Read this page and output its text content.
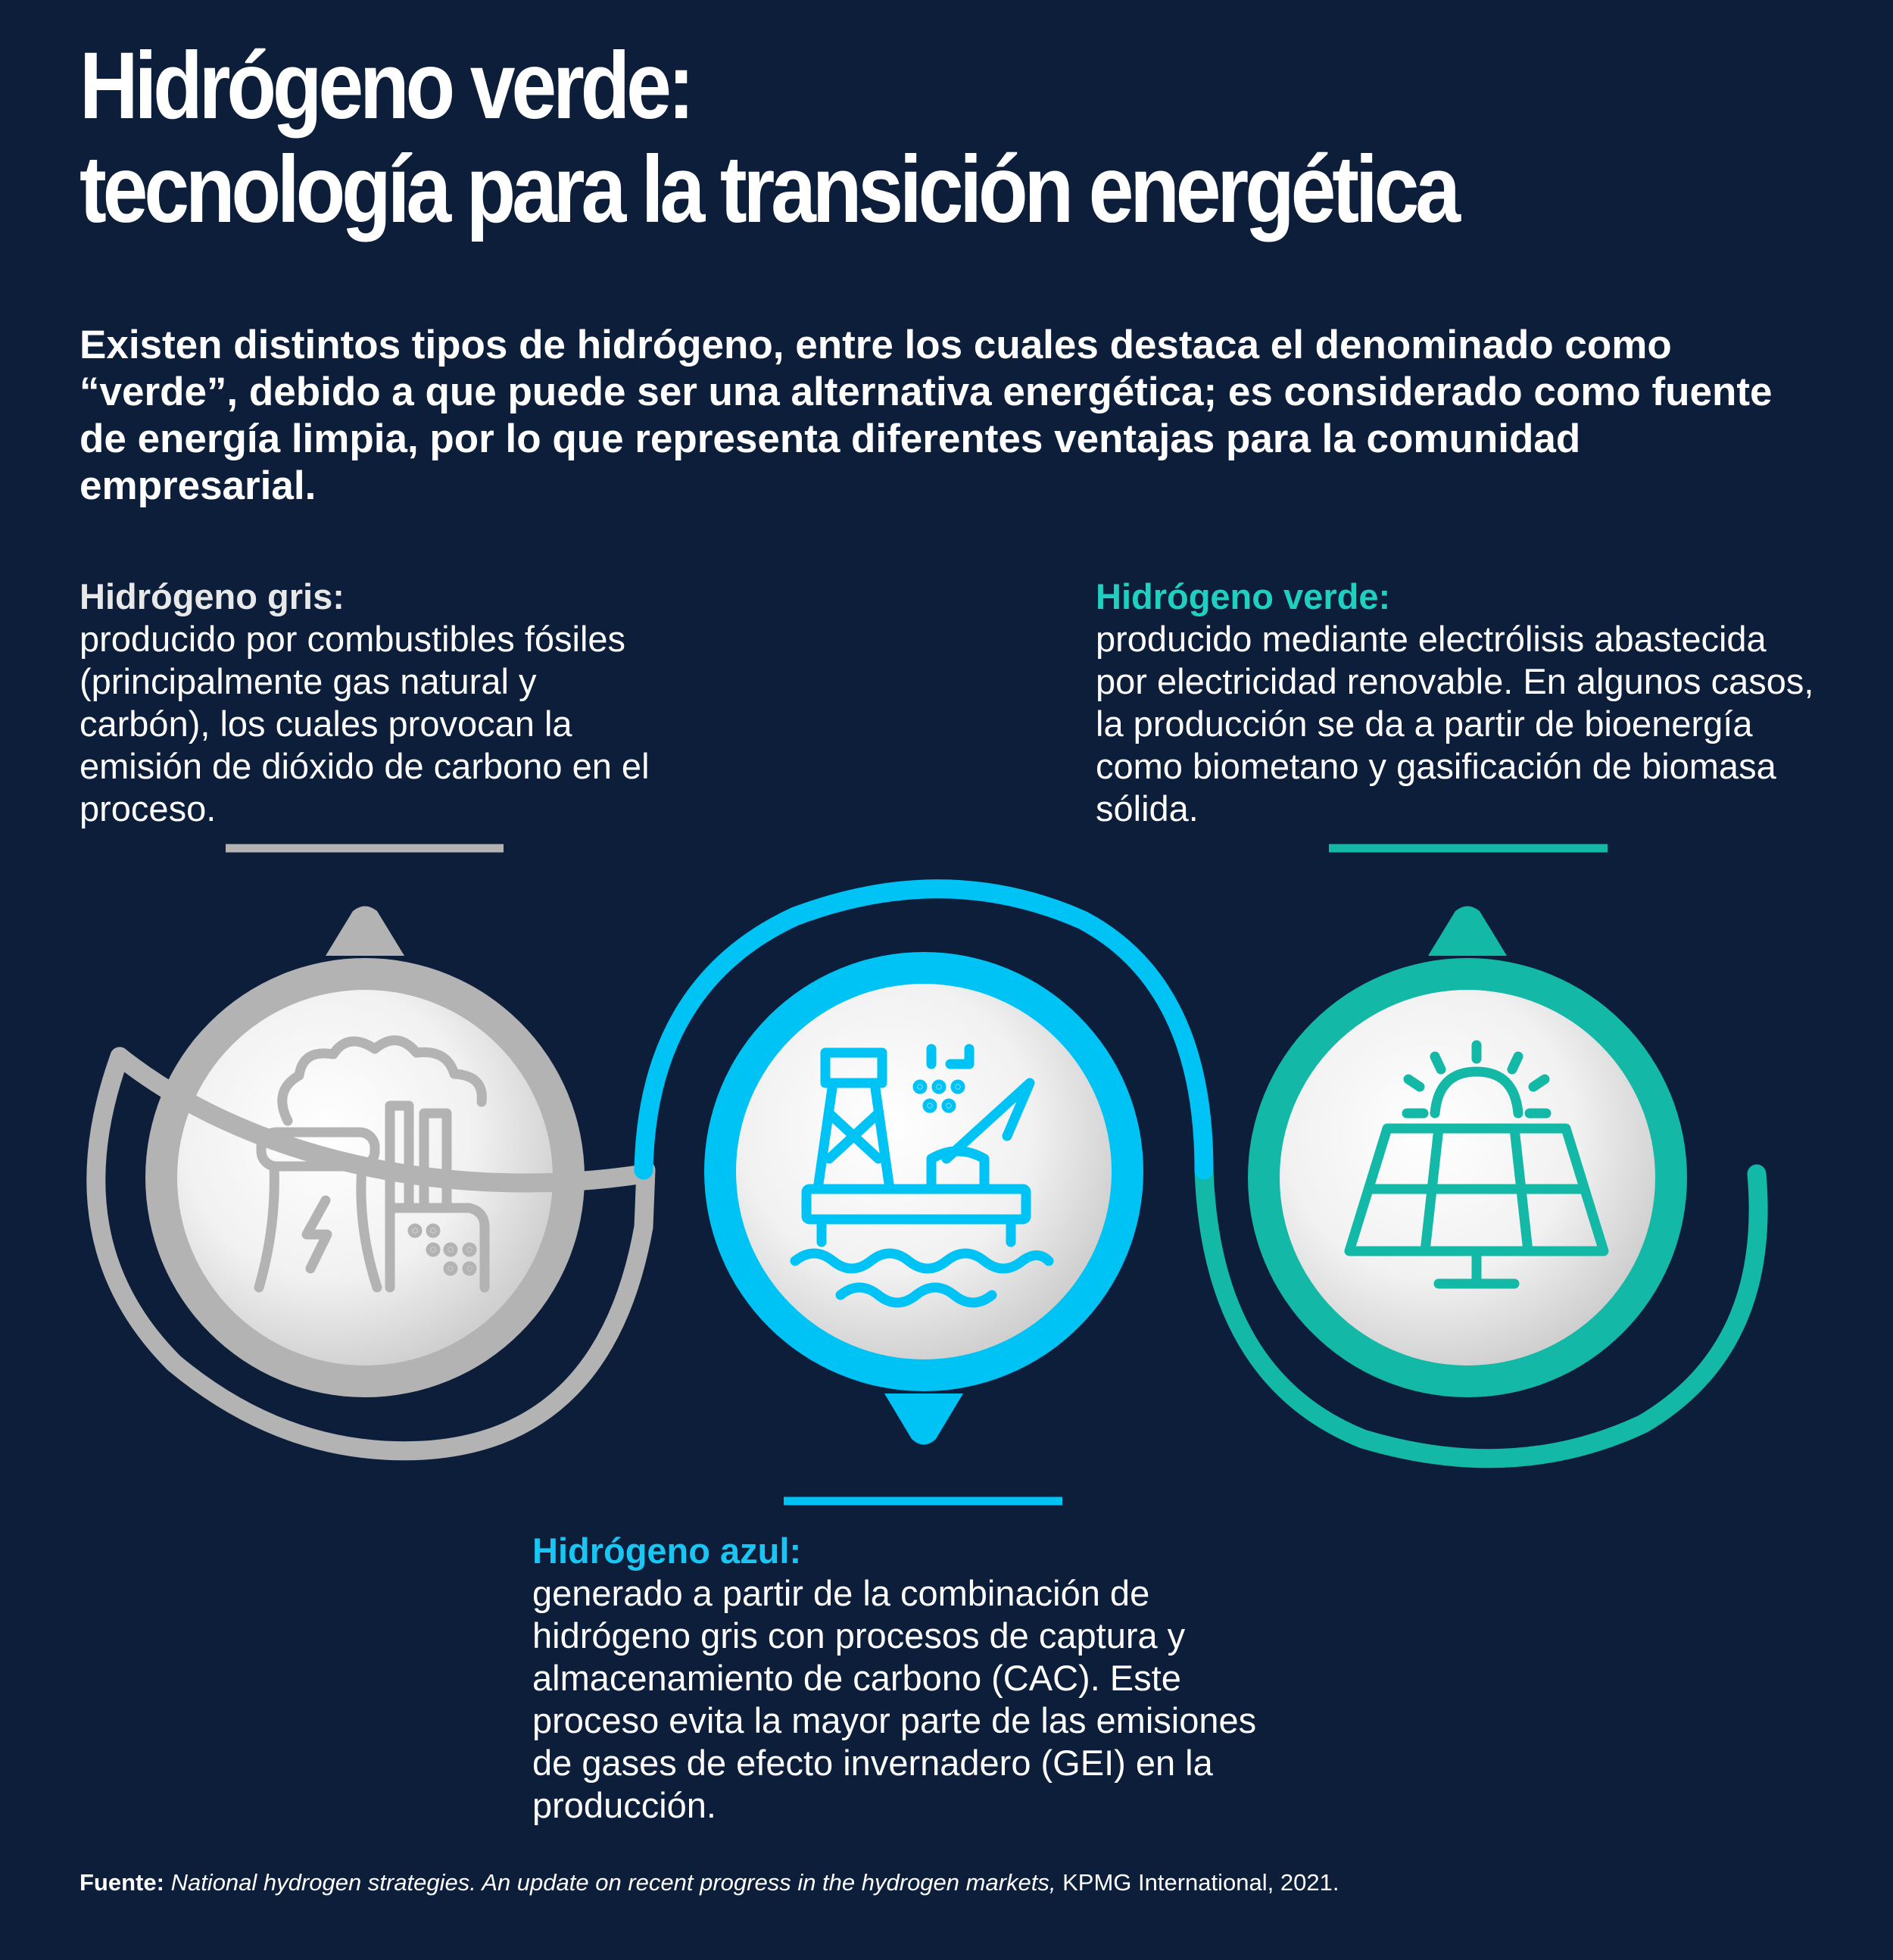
Hidrógeno verde:
tecnología para la transición energética

Existen distintos tipos de hidrógeno, entre los cuales destaca el denominado como “verde”, debido a que puede ser una alternativa energética; es considerado como fuente de energía limpia, por lo que representa diferentes ventajas para la comunidad empresarial.

Hidrógeno gris:
producido por combustibles fósiles (principalmente gas natural y carbón), los cuales provocan la emisión de dióxido de carbono en el proceso.
Hidrógeno verde:
producido mediante electrólisis abastecida por electricidad renovable. En algunos casos, la producción se da a partir de bioenergía como biometano y gasificación de biomasa sólida.
Hidrógeno azul:
generado a partir de la combinación de hidrógeno gris con procesos de captura y almacenamiento de carbono (CAC). Este proceso evita la mayor parte de las emisiones de gases de efecto invernadero (GEI) en la producción.

Fuente: National hydrogen strategies. An update on recent progress in the hydrogen markets, KPMG International, 2021.
